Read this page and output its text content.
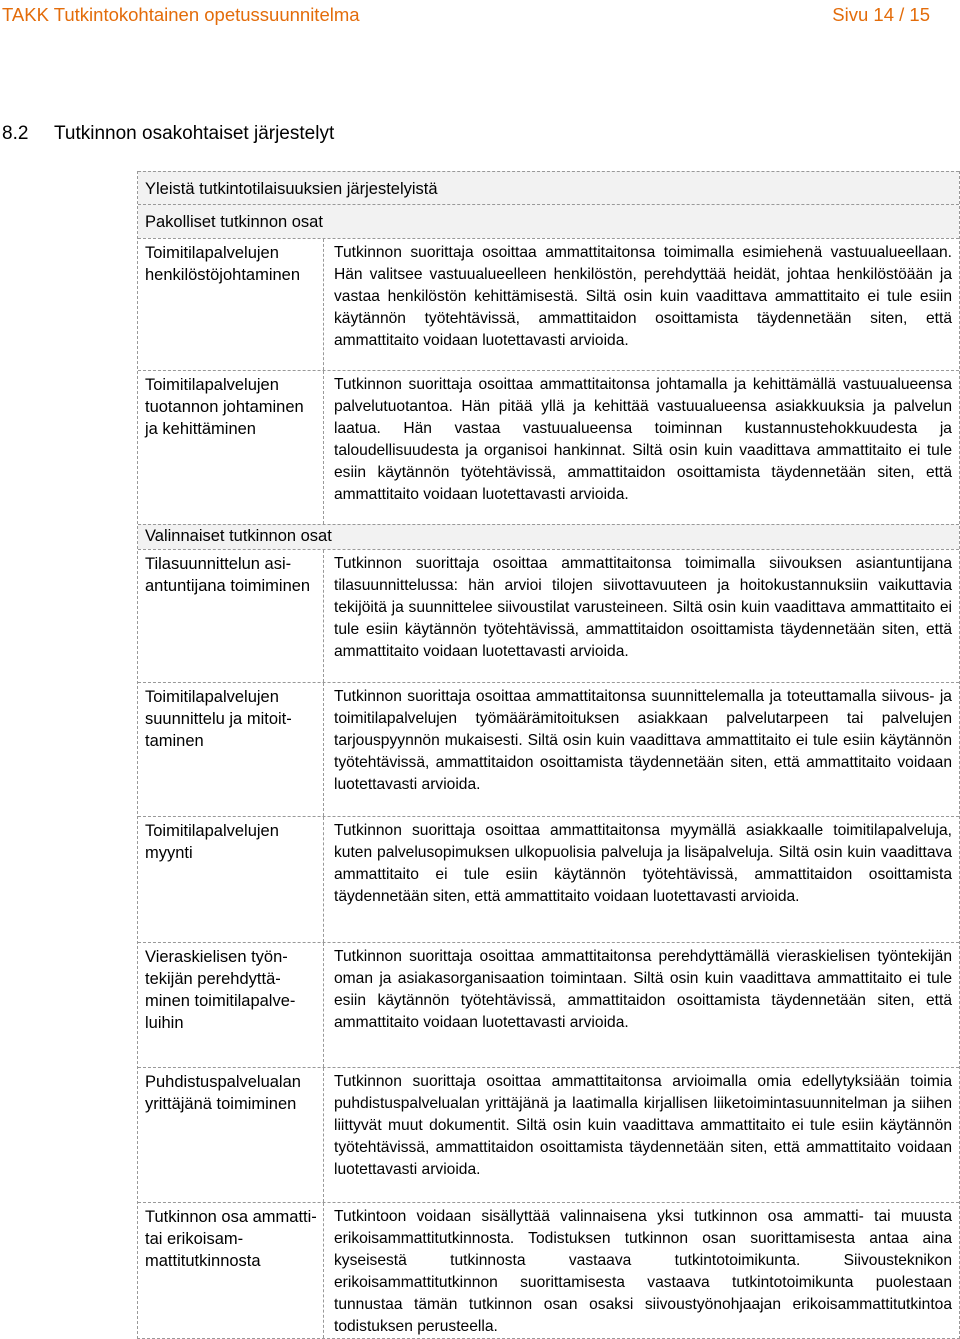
TAKK Tutkintokohtainen opetussuunnitelma	Sivu 14 / 15
8.2 Tutkinnon osakohtaiset järjestelyt
Yleistä tutkintotilaisuuksien järjestelyistä
Pakolliset tutkinnon osat
Toimitilapalvelujen henkilöstöjohtaminen
Tutkinnon suorittaja osoittaa ammattitaitonsa toimimalla esimiehenä vastuualueellaan. Hän valitsee vastuualueelleen henkilöstön, perehdyttää heidät, johtaa henkilöstöään ja vastaa henkilöstön kehittämisestä. Siltä osin kuin vaadittava ammattitaito ei tule esiin käytännön työtehtävissä, ammattitaidon osoittamista täydennetään siten, että ammattitaito voidaan luotettavasti arvioida.
Toimitilapalvelujen tuotannon johtaminen ja kehittäminen
Tutkinnon suorittaja osoittaa ammattitaitonsa johtamalla ja kehittämällä vastuualueensa palvelutuotantoa. Hän pitää yllä ja kehittää vastuualueensa asiakkuuksia ja palvelun laatua. Hän vastaa vastuualueensa toiminnan kustannustehokkuudesta ja taloudellisuudesta ja organisoi hankinnat. Siltä osin kuin vaadittava ammattitaito ei tule esiin käytännön työtehtävissä, ammattitaidon osoittamista täydennetään siten, että ammattitaito voidaan luotettavasti arvioida.
Valinnaiset tutkinnon osat
Tilasuunnittelun asiantuntijana toimiminen
Tutkinnon suorittaja osoittaa ammattitaitonsa toimimalla siivouksen asiantuntijana tilasuunnittelussa: hän arvioi tilojen siivottavuuteen ja hoitokustannuksiin vaikuttavia tekijöitä ja suunnittelee siivoustilat varusteineen. Siltä osin kuin vaadittava ammattitaito ei tule esiin käytännön työtehtävissä, ammattitaidon osoittamista täydennetään siten, että ammattitaito voidaan luotettavasti arvioida.
Toimitilapalvelujen suunnittelu ja mitoittaminen
Tutkinnon suorittaja osoittaa ammattitaitonsa suunnittelemalla ja toteuttamalla siivous- ja toimitilapalvelujen työmäärämitoituksen asiakkaan palvelutarpeen tai palvelujen tarjouspyynnön mukaisesti. Siltä osin kuin vaadittava ammattitaito ei tule esiin käytännön työtehtävissä, ammattitaidon osoittamista täydennetään siten, että ammattitaito voidaan luotettavasti arvioida.
Toimitilapalvelujen myynti
Tutkinnon suorittaja osoittaa ammattitaitonsa myymällä asiakkaalle toimitilapalveluja, kuten palvelusopimuksen ulkopuolisia palveluja ja lisäpalveluja. Siltä osin kuin vaadittava ammattitaito ei tule esiin käytännön työtehtävissä, ammattitaidon osoittamista täydennetään siten, että ammattitaito voidaan luotettavasti arvioida.
Vieraskielisen työntekijän perehdyttäminen toimitilapalveluihin
Tutkinnon suorittaja osoittaa ammattitaitonsa perehdyttämällä vieraskielisen työntekijän oman ja asiakasorganisaation toimintaan. Siltä osin kuin vaadittava ammattitaito ei tule esiin käytännön työtehtävissä, ammattitaidon osoittamista täydennetään siten, että ammattitaito voidaan luotettavasti arvioida.
Puhdistuspalvelualan yrittäjänä toimiminen
Tutkinnon suorittaja osoittaa ammattitaitonsa arvioimalla omia edellytyksiään toimia puhdistuspalvelualan yrittäjänä ja laatimalla kirjallisen liiketoimintasuunnitelman ja siihen liittyvät muut dokumentit. Siltä osin kuin vaadittava ammattitaito ei tule esiin käytännön työtehtävissä, ammattitaidon osoittamista täydennetään siten, että ammattitaito voidaan luotettavasti arvioida.
Tutkinnon osa ammatti- tai erikoisammattitutkinnosta
Tutkintoon voidaan sisällyttää valinnaisena yksi tutkinnon osa ammatti- tai muusta erikoisammattitutkinnosta. Todistuksen tutkinnon osan suorittamisesta antaa aina kyseisestä tutkinnosta vastaava tutkintotoimikunta. Siivousteknikon erikoisammattitutkinnon suorittamisesta vastaava tutkintotoimikunta puolestaan tunnustaa tämän tutkinnon osan osaksi siivoustyönohjaajan erikoisammattitutkintoa todistuksen perusteella.
